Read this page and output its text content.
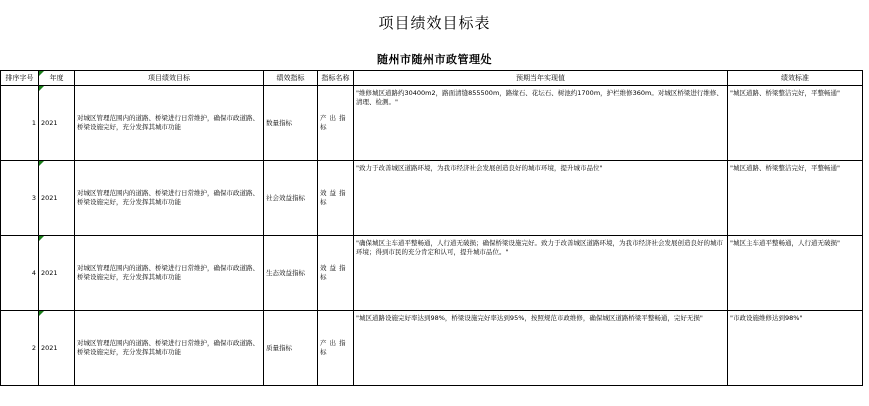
项目绩效目标表
随州市随州市政管理处
排序字号	年度	项目绩效目标	绩效指标	指标名称	预期当年实现值	绩效标准
1	2021	对城区管理范围内的道路、桥梁进行日常维护，确保市政道路、桥梁设施完好，充分发挥其城市功能	数量指标	产出指标	"维修城区道路约30400m2，路面清缝855500m，路缘石、花坛石、树池约1700m，护栏维修360m。对城区桥梁进行维修、清理、检测。"	"城区道路、桥梁整洁完好，平整畅通"
3	2021	对城区管理范围内的道路、桥梁进行日常维护，确保市政道路、桥梁设施完好，充分发挥其城市功能	社会效益指标	效益指标	"致力于改善城区道路环境，为我市经济社会发展创造良好的城市环境，提升城市品位"	"城区道路、桥梁整洁完好，平整畅通"
4	2021	对城区管理范围内的道路、桥梁进行日常维护，确保市政道路、桥梁设施完好，充分发挥其城市功能	生态效益指标	效益指标	"确保城区主车道平整畅通，人行道无破损；确保桥梁设施完好。致力于改善城区道路环境，为我市经济社会发展创造良好的城市环境；得到市民的充分肯定和认可，提升城市品位。"	"城区主车道平整畅通，人行道无破损"
2	2021	对城区管理范围内的道路、桥梁进行日常维护，确保市政道路、桥梁设施完好，充分发挥其城市功能	质量指标	产出指标	"城区道路设施完好率达到98%，桥梁设施完好率达到95%，按照规范市政维修，确保城区道路桥梁平整畅通，完好无损"	"市政设施维修达到98%"
